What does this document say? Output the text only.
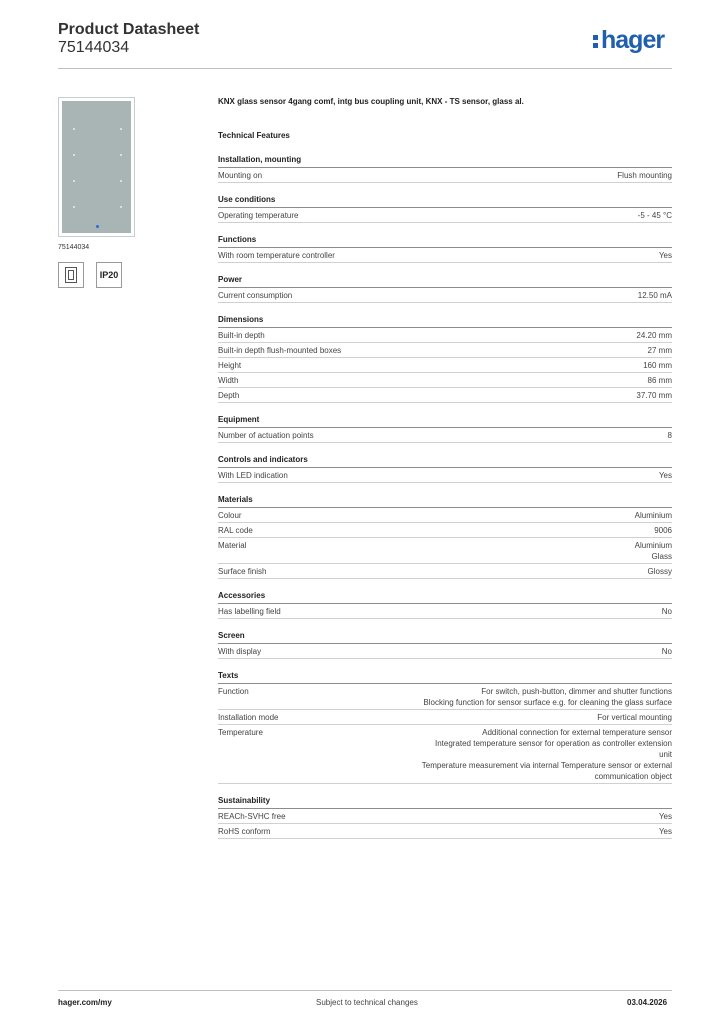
Product Datasheet
75144034	hager
75144034
IP20
KNX glass sensor 4gang comf, intg bus coupling unit, KNX - TS sensor, glass al.
Technical Features
Installation, mounting
Mounting on	Flush mounting
Use conditions
Operating temperature	-5 - 45 °C
Functions
With room temperature controller	Yes
Power
Current consumption	12.50 mA
Dimensions
Built-in depth	24.20 mm
Built-in depth flush-mounted boxes	27 mm
Height	160 mm
Width	86 mm
Depth	37.70 mm
Equipment
Number of actuation points	8
Controls and indicators
With LED indication	Yes
Materials
Colour	Aluminium
RAL code	9006
Material	Aluminium
Glass
Surface finish	Glossy
Accessories
Has labelling field	No
Screen
With display	No
Texts
Function	For switch, push-button, dimmer and shutter functions
Blocking function for sensor surface e.g. for cleaning the glass surface
Installation mode	For vertical mounting
Temperature	Additional connection for external temperature sensor
Integrated temperature sensor for operation as controller extension
unit
Temperature measurement via internal Temperature sensor or external
communication object
Sustainability
REACh-SVHC free	Yes
RoHS conform	Yes
hager.com/my	Subject to technical changes	03.04.2026
